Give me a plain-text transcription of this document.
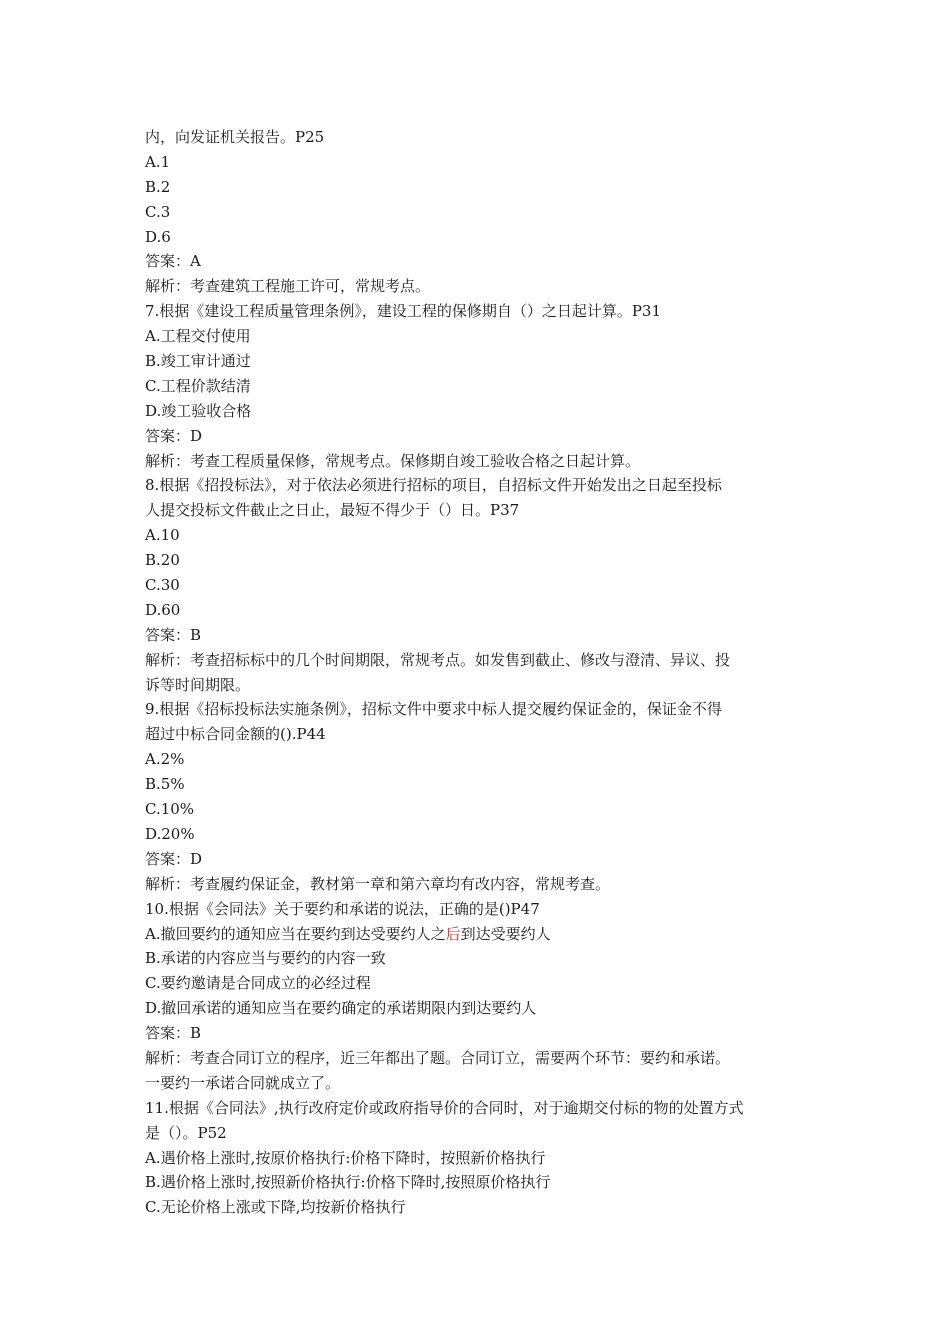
内，向发证机关报告。P25
A.1
B.2
C.3
D.6
答案：A
解析：考查建筑工程施工许可，常规考点。
7.根据《建设工程质量管理条例》，建设工程的保修期自（）之日起计算。P31
A.工程交付使用
B.竣工审计通过
C.工程价款结清
D.竣工验收合格
答案：D
解析：考查工程质量保修，常规考点。保修期自竣工验收合格之日起计算。
8.根据《招投标法》，对于依法必须进行招标的项目，自招标文件开始发出之日起至投标
人提交投标文件截止之日止，最短不得少于（）日。P37
A.10
B.20
C.30
D.60
答案：B
解析：考查招标标中的几个时间期限，常规考点。如发售到截止、修改与澄清、异议、投
诉等时间期限。
9.根据《招标投标法实施条例》，招标文件中要求中标人提交履约保证金的，保证金不得
超过中标合同金额的().P44
A.2%
B.5%
C.10%
D.20%
答案：D
解析：考查履约保证金，教材第一章和第六章均有改内容，常规考查。
10.根据《会同法》关于要约和承诺的说法，正确的是()P47
A.撤回要约的通知应当在要约到达受要约人之后到达受要约人
B.承诺的内容应当与要约的内容一致
C.要约邀请是合同成立的必经过程
D.撤回承诺的通知应当在要约确定的承诺期限内到达要约人
答案：B
解析：考查合同订立的程序，近三年都出了题。合同订立，需要两个环节：要约和承诺。
一要约一承诺合同就成立了。
11.根据《合同法》,执行改府定价或政府指导价的合同时，对于逾期交付标的物的处置方式
是（）。P52
A.遇价格上涨时,按原价格执行:价格下降时，按照新价格执行
B.遇价格上涨时,按照新价格执行:价格下降时,按照原价格执行
C.无论价格上涨或下降,均按新价格执行
